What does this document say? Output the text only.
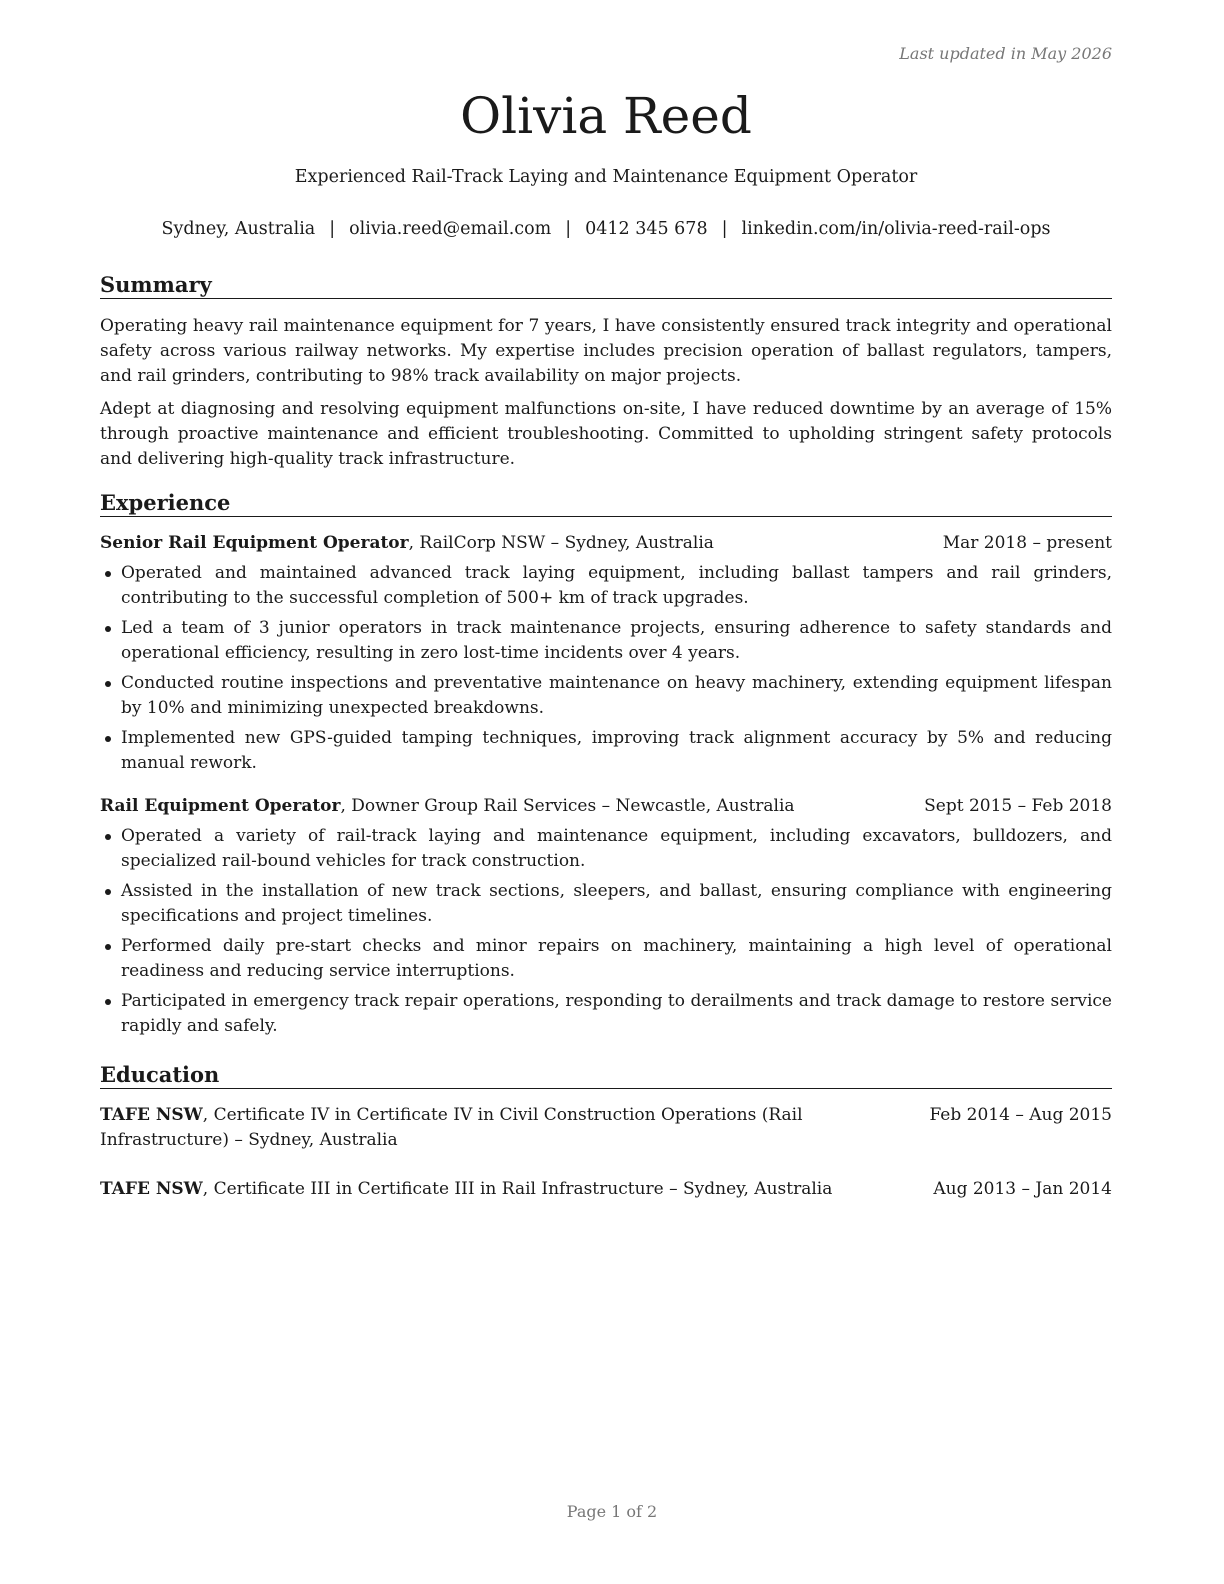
Last updated in May 2026
Olivia Reed
Experienced Rail-Track Laying and Maintenance Equipment Operator
Sydney, Australia | olivia.reed@email.com | 0412 345 678 | linkedin.com/in/olivia-reed-rail-ops
Summary

Operating heavy rail maintenance equipment for 7 years, I have consistently ensured track integrity and operational safety across various railway networks. My expertise includes precision operation of ballast regulators, tampers, and rail grinders, contributing to 98% track availability on major projects.

Adept at diagnosing and resolving equipment malfunctions on-site, I have reduced downtime by an average of 15% through proactive maintenance and efficient troubleshooting. Committed to upholding stringent safety protocols and delivering high-quality track infrastructure.

Experience
Senior Rail Equipment Operator, RailCorp NSW – Sydney, Australia	Mar 2018 – present
Operated and maintained advanced track laying equipment, including ballast tampers and rail grinders, contributing to the successful completion of 500+ km of track upgrades.
Led a team of 3 junior operators in track maintenance projects, ensuring adherence to safety standards and operational efficiency, resulting in zero lost-time incidents over 4 years.
Conducted routine inspections and preventative maintenance on heavy machinery, extending equipment lifespan by 10% and minimizing unexpected breakdowns.
Implemented new GPS-guided tamping techniques, improving track alignment accuracy by 5% and reducing manual rework.
Rail Equipment Operator, Downer Group Rail Services – Newcastle, Australia	Sept 2015 – Feb 2018
Operated a variety of rail-track laying and maintenance equipment, including excavators, bulldozers, and specialized rail-bound vehicles for track construction.
Assisted in the installation of new track sections, sleepers, and ballast, ensuring compliance with engineering specifications and project timelines.
Performed daily pre-start checks and minor repairs on machinery, maintaining a high level of operational readiness and reducing service interruptions.
Participated in emergency track repair operations, responding to derailments and track damage to restore service rapidly and safely.
Education
TAFE NSW, Certificate IV in Certificate IV in Civil Construction Operations (Rail Infrastructure) – Sydney, Australia
Feb 2014 – Aug 2015
TAFE NSW, Certificate III in Certificate III in Rail Infrastructure – Sydney, Australia	Aug 2013 – Jan 2014
Page 1 of 2
